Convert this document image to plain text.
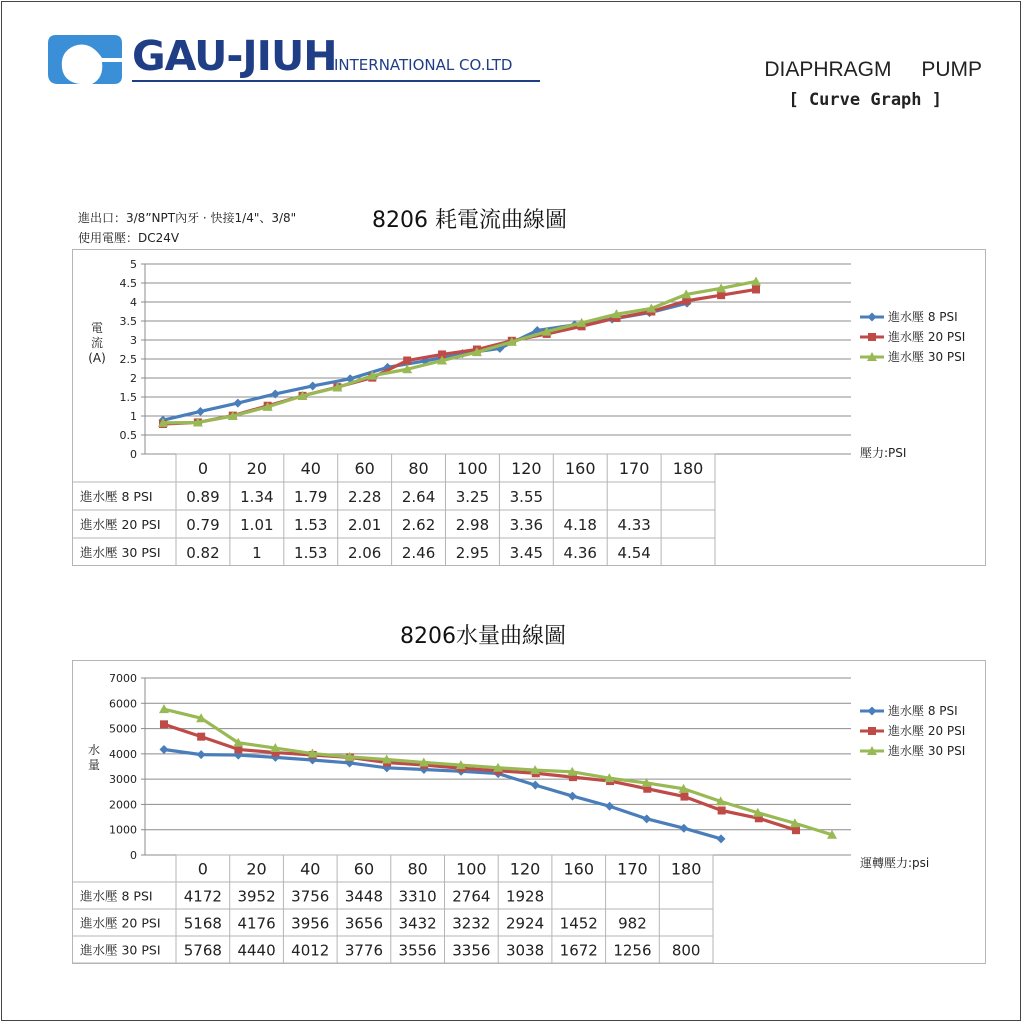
GAU-JIUH
INTERNATIONAL CO.LTD	DIAPHRAGM PUMP
[ Curve Graph ]
進出口：3/8”NPT內牙 · 快接1/4"、3/8"
使用電壓：DC24V
8206 耗電流曲線圖
8206水量曲線圖
0
0.5
1
1.5
2
2.5
3
3.5
4
4.5
5
電
流
(A)
壓力:PSI
進水壓 8 PSI
進水壓 20 PSI
進水壓 30 PSI
0 20 40 60 80 100 120 160 170 180
進水壓 8 PSI 0.89 1.34 1.79 2.28 2.64 3.25 3.55
進水壓 20 PSI 0.79 1.01 1.53 2.01 2.62 2.98 3.36 4.18 4.33
進水壓 30 PSI 0.82 1 1.53 2.06 2.46 2.95 3.45 4.36 4.54
0
1000
2000
3000
4000
5000
6000
7000
水
量
運轉壓力:psi
進水壓 8 PSI
進水壓 20 PSI
進水壓 30 PSI
0 20 40 60 80 100 120 160 170 180
進水壓 8 PSI 4172 3952 3756 3448 3310 2764 1928
進水壓 20 PSI 5168 4176 3956 3656 3432 3232 2924 1452 982
進水壓 30 PSI 5768 4440 4012 3776 3556 3356 3038 1672 1256 800
